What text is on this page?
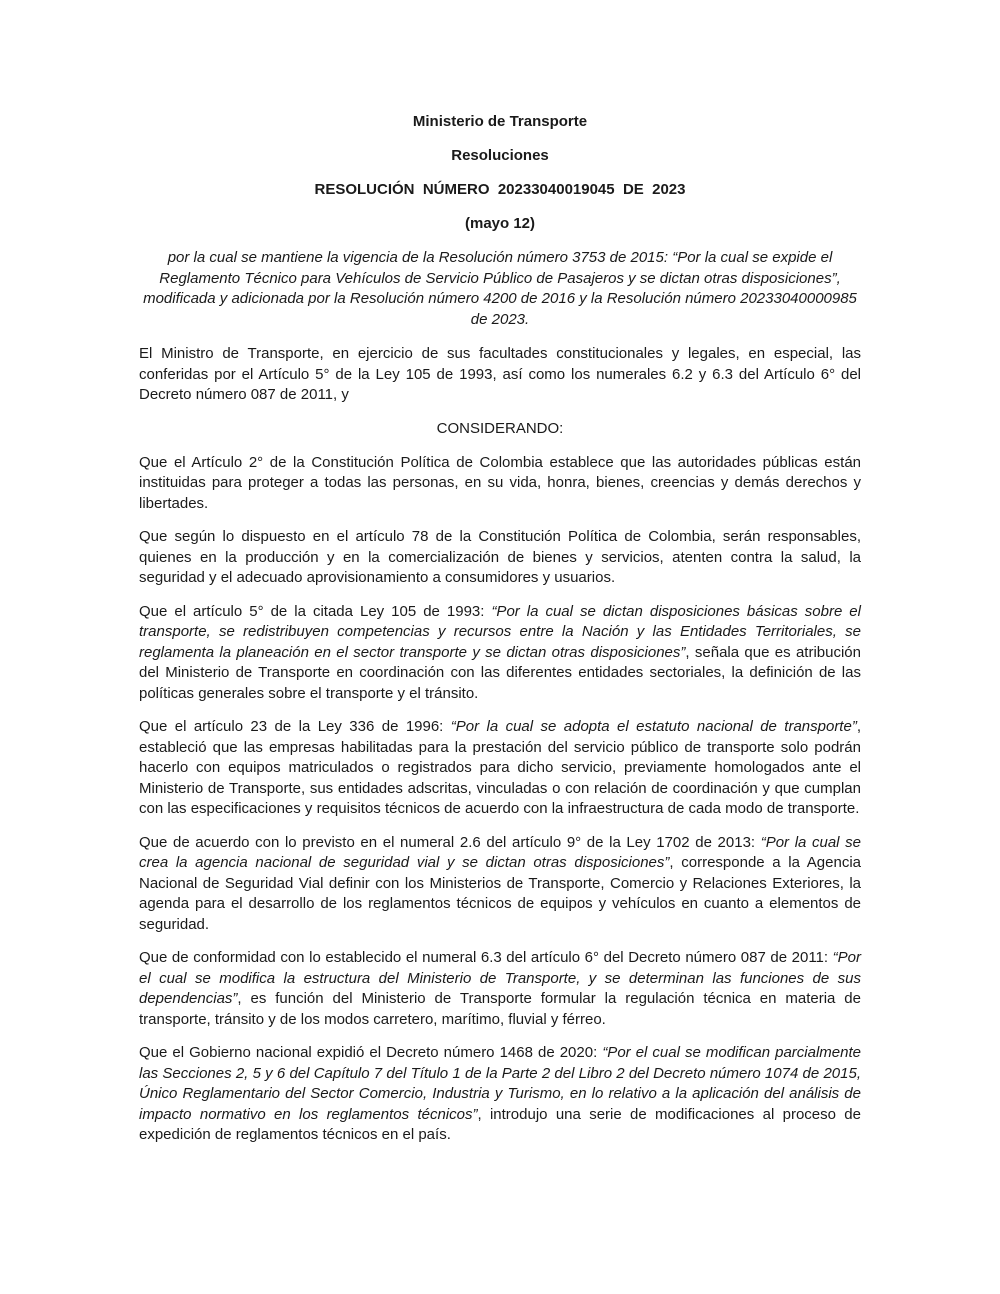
Ministerio de Transporte

Resoluciones

RESOLUCIÓN  NÚMERO  20233040019045  DE  2023

(mayo 12)

por la cual se mantiene la vigencia de la Resolución número 3753 de 2015: “Por la cual se expide el Reglamento Técnico para Vehículos de Servicio Público de Pasajeros y se dictan otras disposiciones”, modificada y adicionada por la Resolución número 4200 de 2016 y la Resolución número 20233040000985 de 2023.

El Ministro de Transporte, en ejercicio de sus facultades constitucionales y legales, en especial, las conferidas por el Artículo 5° de la Ley 105 de 1993, así como los numerales 6.2 y 6.3 del Artículo 6° del Decreto número 087 de 2011, y

CONSIDERANDO:

Que el Artículo 2° de la Constitución Política de Colombia establece que las autoridades públicas están instituidas para proteger a todas las personas, en su vida, honra, bienes, creencias y demás derechos y libertades.

Que según lo dispuesto en el artículo 78 de la Constitución Política de Colombia, serán responsables, quienes en la producción y en la comercialización de bienes y servicios, atenten contra la salud, la seguridad y el adecuado aprovisionamiento a consumidores y usuarios.

Que el artículo 5° de la citada Ley 105 de 1993: “Por la cual se dictan disposiciones básicas sobre el transporte, se redistribuyen competencias y recursos entre la Nación y las Entidades Territoriales, se reglamenta la planeación en el sector transporte y se dictan otras disposiciones”, señala que es atribución del Ministerio de Transporte en coordinación con las diferentes entidades sectoriales, la definición de las políticas generales sobre el transporte y el tránsito.

Que el artículo 23 de la Ley 336 de 1996: “Por la cual se adopta el estatuto nacional de transporte”, estableció que las empresas habilitadas para la prestación del servicio público de transporte solo podrán hacerlo con equipos matriculados o registrados para dicho servicio, previamente homologados ante el Ministerio de Transporte, sus entidades adscritas, vinculadas o con relación de coordinación y que cumplan con las especificaciones y requisitos técnicos de acuerdo con la infraestructura de cada modo de transporte.

Que de acuerdo con lo previsto en el numeral 2.6 del artículo 9° de la Ley 1702 de 2013: “Por la cual se crea la agencia nacional de seguridad vial y se dictan otras disposiciones”, corresponde a la Agencia Nacional de Seguridad Vial definir con los Ministerios de Transporte, Comercio y Relaciones Exteriores, la agenda para el desarrollo de los reglamentos técnicos de equipos y vehículos en cuanto a elementos de seguridad.

Que de conformidad con lo establecido el numeral 6.3 del artículo 6° del Decreto número 087 de 2011: “Por el cual se modifica la estructura del Ministerio de Transporte, y se determinan las funciones de sus dependencias”, es función del Ministerio de Transporte formular la regulación técnica en materia de transporte, tránsito y de los modos carretero, marítimo, fluvial y férreo.

Que el Gobierno nacional expidió el Decreto número 1468 de 2020: “Por el cual se modifican parcialmente las Secciones 2, 5 y 6 del Capítulo 7 del Título 1 de la Parte 2 del Libro 2 del Decreto número 1074 de 2015, Único Reglamentario del Sector Comercio, Industria y Turismo, en lo relativo a la aplicación del análisis de impacto normativo en los reglamentos técnicos”, introdujo una serie de modificaciones al proceso de expedición de reglamentos técnicos en el país.
